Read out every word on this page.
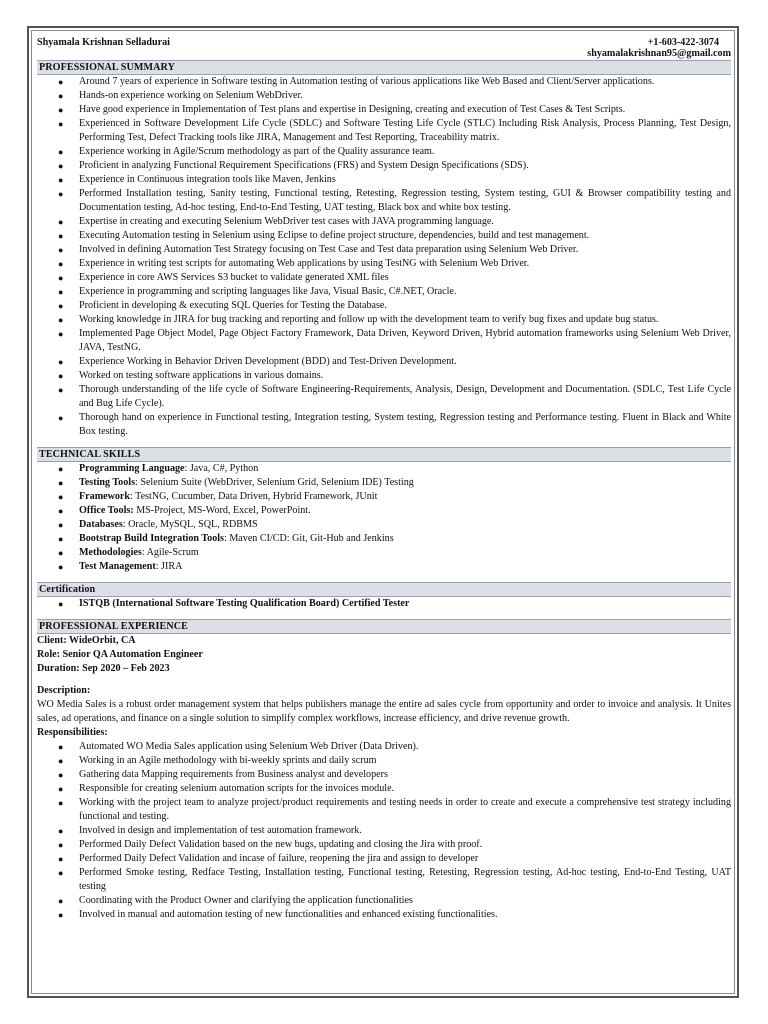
Shyamala Krishnan Selladurai	+1-603-422-3074
shyamalakrishnan95@gmail.com
PROFESSIONAL SUMMARY
● Around 7 years of experience in Software testing in Automation testing of various applications like Web Based and Client/Server applications.
● Hands-on experience working on Selenium WebDriver.
● Have good experience in Implementation of Test plans and expertise in Designing, creating and execution of Test Cases & Test Scripts.
● Experienced in Software Development Life Cycle (SDLC) and Software Testing Life Cycle (STLC) Including Risk Analysis, Process Planning, Test Design, Performing Test, Defect Tracking tools like JIRA, Management and Test Reporting, Traceability matrix.
● Experience working in Agile/Scrum methodology as part of the Quality assurance team.
● Proficient in analyzing Functional Requirement Specifications (FRS) and System Design Specifications (SDS).
● Experience in Continuous integration tools like Maven, Jenkins
● Performed Installation testing, Sanity testing, Functional testing, Retesting, Regression testing, System testing, GUI & Browser compatibility testing and Documentation testing, Ad-hoc testing, End-to-End Testing, UAT testing, Black box and white box testing.
● Expertise in creating and executing Selenium WebDriver test cases with JAVA programming language.
● Executing Automation testing in Selenium using Eclipse to define project structure, dependencies, build and test management.
● Involved in defining Automation Test Strategy focusing on Test Case and Test data preparation using Selenium Web Driver.
● Experience in writing test scripts for automating Web applications by using TestNG with Selenium Web Driver.
● Experience in core AWS Services S3 bucket to validate generated XML files
● Experience in programming and scripting languages like Java, Visual Basic, C#.NET, Oracle.
● Proficient in developing & executing SQL Queries for Testing the Database.
● Working knowledge in JIRA for bug tracking and reporting and follow up with the development team to verify bug fixes and update bug status.
● Implemented Page Object Model, Page Object Factory Framework, Data Driven, Keyword Driven, Hybrid automation frameworks using Selenium Web Driver, JAVA, TestNG.
● Experience Working in Behavior Driven Development (BDD) and Test-Driven Development.
● Worked on testing software applications in various domains.
● Thorough understanding of the life cycle of Software Engineering-Requirements, Analysis, Design, Development and Documentation. (SDLC, Test Life Cycle and Bug Life Cycle).
● Thorough hand on experience in Functional testing, Integration testing, System testing, Regression testing and Performance testing. Fluent in Black and White Box testing.
TECHNICAL SKILLS
● Programming Language: Java, C#, Python
● Testing Tools: Selenium Suite (WebDriver, Selenium Grid, Selenium IDE) Testing
● Framework: TestNG, Cucumber, Data Driven, Hybrid Framework, JUnit
● Office Tools: MS-Project, MS-Word, Excel, PowerPoint.
● Databases: Oracle, MySQL, SQL, RDBMS
● Bootstrap Build Integration Tools: Maven CI/CD: Git, Git-Hub and Jenkins
● Methodologies: Agile-Scrum
● Test Management: JIRA
Certification
● ISTQB (International Software Testing Qualification Board) Certified Tester
PROFESSIONAL EXPERIENCE
Client: WideOrbit, CA
Role: Senior QA Automation Engineer
Duration: Sep 2020 – Feb 2023
Description:

WO Media Sales is a robust order management system that helps publishers manage the entire ad sales cycle from opportunity and order to invoice and analysis. It Unites sales, ad operations, and finance on a single solution to simplify complex workflows, increase efficiency, and drive revenue growth.

Responsibilities:
● Automated WO Media Sales application using Selenium Web Driver (Data Driven).
● Working in an Agile methodology with bi-weekly sprints and daily scrum
● Gathering data Mapping requirements from Business analyst and developers
● Responsible for creating selenium automation scripts for the invoices module.
● Working with the project team to analyze project/product requirements and testing needs in order to create and execute a comprehensive test strategy including functional and testing.
● Involved in design and implementation of test automation framework.
● Performed Daily Defect Validation based on the new bugs, updating and closing the Jira with proof.
● Performed Daily Defect Validation and incase of failure, reopening the jira and assign to developer
● Performed Smoke testing, Redface Testing, Installation testing, Functional testing, Retesting, Regression testing, Ad-hoc testing, End-to-End Testing, UAT testing
● Coordinating with the Product Owner and clarifying the application functionalities
● Involved in manual and automation testing of new functionalities and enhanced existing functionalities.
